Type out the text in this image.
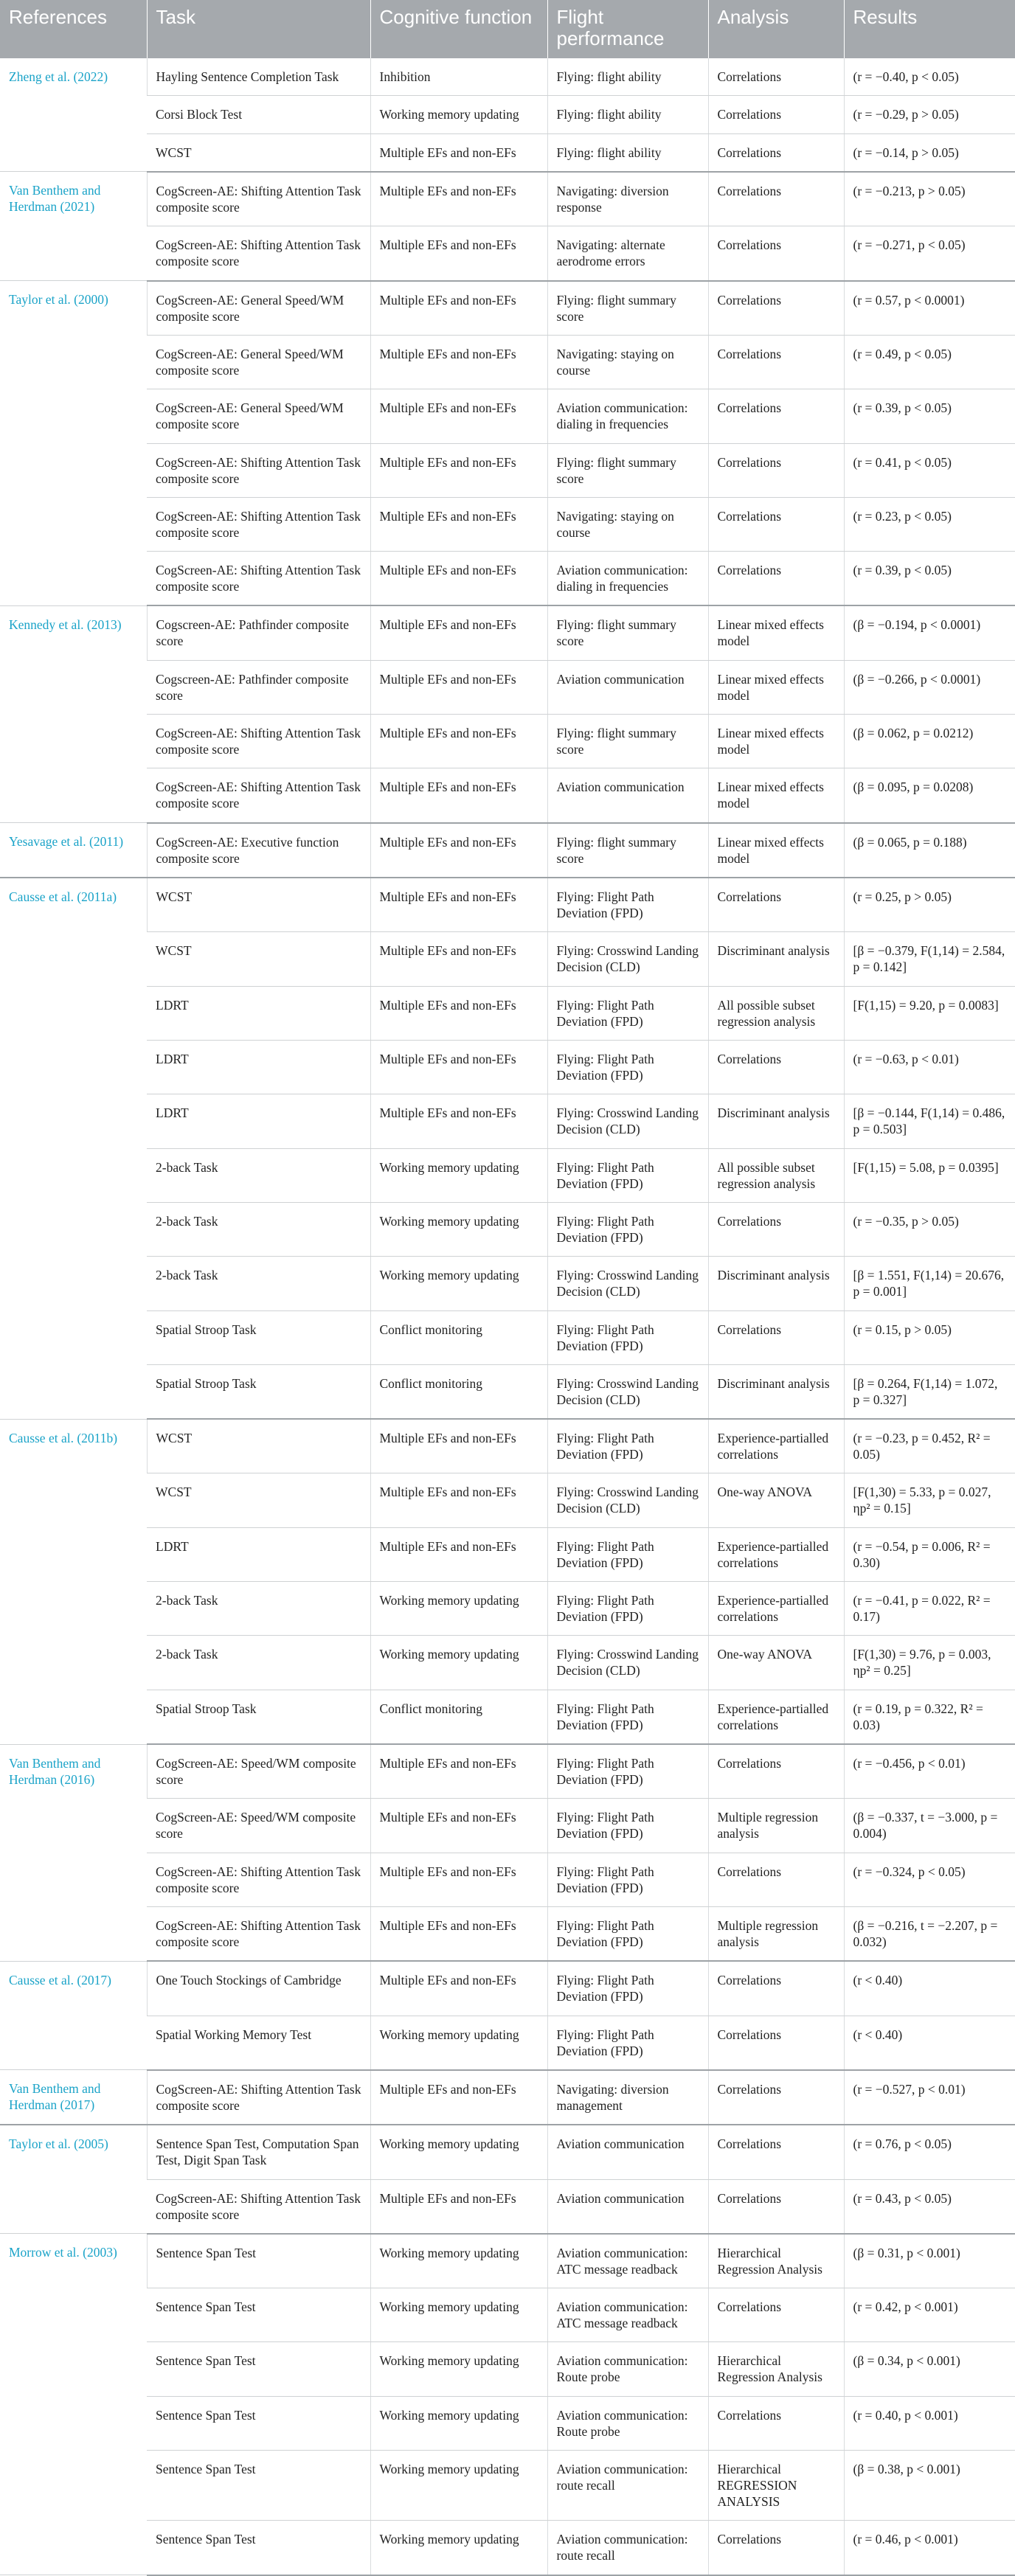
References	Task	Cognitive function	Flight performance	Analysis	Results
Zheng et al. (2022)	Hayling Sentence Completion Task	Inhibition	Flying: flight ability	Correlations	(r = −0.40, p < 0.05)
	Corsi Block Test	Working memory updating	Flying: flight ability	Correlations	(r = −0.29, p > 0.05)
	WCST	Multiple EFs and non-EFs	Flying: flight ability	Correlations	(r = −0.14, p > 0.05)
Van Benthem and Herdman (2021)	CogScreen-AE: Shifting Attention Task composite score	Multiple EFs and non-EFs	Navigating: diversion response	Correlations	(r = −0.213, p > 0.05)
	CogScreen-AE: Shifting Attention Task composite score	Multiple EFs and non-EFs	Navigating: alternate aerodrome errors	Correlations	(r = −0.271, p < 0.05)
Taylor et al. (2000)	CogScreen-AE: General Speed/WM composite score	Multiple EFs and non-EFs	Flying: flight summary score	Correlations	(r = 0.57, p < 0.0001)
	CogScreen-AE: General Speed/WM composite score	Multiple EFs and non-EFs	Navigating: staying on course	Correlations	(r = 0.49, p < 0.05)
	CogScreen-AE: General Speed/WM composite score	Multiple EFs and non-EFs	Aviation communication: dialing in frequencies	Correlations	(r = 0.39, p < 0.05)
	CogScreen-AE: Shifting Attention Task composite score	Multiple EFs and non-EFs	Flying: flight summary score	Correlations	(r = 0.41, p < 0.05)
	CogScreen-AE: Shifting Attention Task composite score	Multiple EFs and non-EFs	Navigating: staying on course	Correlations	(r = 0.23, p < 0.05)
	CogScreen-AE: Shifting Attention Task composite score	Multiple EFs and non-EFs	Aviation communication: dialing in frequencies	Correlations	(r = 0.39, p < 0.05)
Kennedy et al. (2013)	Cogscreen-AE: Pathfinder composite score	Multiple EFs and non-EFs	Flying: flight summary score	Linear mixed effects model	(β = −0.194, p < 0.0001)
	Cogscreen-AE: Pathfinder composite score	Multiple EFs and non-EFs	Aviation communication	Linear mixed effects model	(β = −0.266, p < 0.0001)
	CogScreen-AE: Shifting Attention Task composite score	Multiple EFs and non-EFs	Flying: flight summary score	Linear mixed effects model	(β = 0.062, p = 0.0212)
	CogScreen-AE: Shifting Attention Task composite score	Multiple EFs and non-EFs	Aviation communication	Linear mixed effects model	(β = 0.095, p = 0.0208)
Yesavage et al. (2011)	CogScreen-AE: Executive function composite score	Multiple EFs and non-EFs	Flying: flight summary score	Linear mixed effects model	(β = 0.065, p = 0.188)
Causse et al. (2011a)	WCST	Multiple EFs and non-EFs	Flying: Flight Path Deviation (FPD)	Correlations	(r = 0.25, p > 0.05)
	WCST	Multiple EFs and non-EFs	Flying: Crosswind Landing Decision (CLD)	Discriminant analysis	[β = −0.379, F(1,14) = 2.584, p = 0.142]
	LDRT	Multiple EFs and non-EFs	Flying: Flight Path Deviation (FPD)	All possible subset regression analysis	[F(1,15) = 9.20, p = 0.0083]
	LDRT	Multiple EFs and non-EFs	Flying: Flight Path Deviation (FPD)	Correlations	(r = −0.63, p < 0.01)
	LDRT	Multiple EFs and non-EFs	Flying: Crosswind Landing Decision (CLD)	Discriminant analysis	[β = −0.144, F(1,14) = 0.486, p = 0.503]
	2-back Task	Working memory updating	Flying: Flight Path Deviation (FPD)	All possible subset regression analysis	[F(1,15) = 5.08, p = 0.0395]
	2-back Task	Working memory updating	Flying: Flight Path Deviation (FPD)	Correlations	(r = −0.35, p > 0.05)
	2-back Task	Working memory updating	Flying: Crosswind Landing Decision (CLD)	Discriminant analysis	[β = 1.551, F(1,14) = 20.676, p = 0.001]
	Spatial Stroop Task	Conflict monitoring	Flying: Flight Path Deviation (FPD)	Correlations	(r = 0.15, p > 0.05)
	Spatial Stroop Task	Conflict monitoring	Flying: Crosswind Landing Decision (CLD)	Discriminant analysis	[β = 0.264, F(1,14) = 1.072, p = 0.327]
Causse et al. (2011b)	WCST	Multiple EFs and non-EFs	Flying: Flight Path Deviation (FPD)	Experience-partialled correlations	(r = −0.23, p = 0.452, R² = 0.05)
	WCST	Multiple EFs and non-EFs	Flying: Crosswind Landing Decision (CLD)	One-way ANOVA	[F(1,30) = 5.33, p = 0.027, ηp² = 0.15]
	LDRT	Multiple EFs and non-EFs	Flying: Flight Path Deviation (FPD)	Experience-partialled correlations	(r = −0.54, p = 0.006, R² = 0.30)
	2-back Task	Working memory updating	Flying: Flight Path Deviation (FPD)	Experience-partialled correlations	(r = −0.41, p = 0.022, R² = 0.17)
	2-back Task	Working memory updating	Flying: Crosswind Landing Decision (CLD)	One-way ANOVA	[F(1,30) = 9.76, p = 0.003, ηp² = 0.25]
	Spatial Stroop Task	Conflict monitoring	Flying: Flight Path Deviation (FPD)	Experience-partialled correlations	(r = 0.19, p = 0.322, R² = 0.03)
Van Benthem and Herdman (2016)	CogScreen-AE: Speed/WM composite score	Multiple EFs and non-EFs	Flying: Flight Path Deviation (FPD)	Correlations	(r = −0.456, p < 0.01)
	CogScreen-AE: Speed/WM composite score	Multiple EFs and non-EFs	Flying: Flight Path Deviation (FPD)	Multiple regression analysis	(β = −0.337, t = −3.000, p = 0.004)
	CogScreen-AE: Shifting Attention Task composite score	Multiple EFs and non-EFs	Flying: Flight Path Deviation (FPD)	Correlations	(r = −0.324, p < 0.05)
	CogScreen-AE: Shifting Attention Task composite score	Multiple EFs and non-EFs	Flying: Flight Path Deviation (FPD)	Multiple regression analysis	(β = −0.216, t = −2.207, p = 0.032)
Causse et al. (2017)	One Touch Stockings of Cambridge	Multiple EFs and non-EFs	Flying: Flight Path Deviation (FPD)	Correlations	(r < 0.40)
	Spatial Working Memory Test	Working memory updating	Flying: Flight Path Deviation (FPD)	Correlations	(r < 0.40)
Van Benthem and Herdman (2017)	CogScreen-AE: Shifting Attention Task composite score	Multiple EFs and non-EFs	Navigating: diversion management	Correlations	(r = −0.527, p < 0.01)
Taylor et al. (2005)	Sentence Span Test, Computation Span Test, Digit Span Task	Working memory updating	Aviation communication	Correlations	(r = 0.76, p < 0.05)
	CogScreen-AE: Shifting Attention Task composite score	Multiple EFs and non-EFs	Aviation communication	Correlations	(r = 0.43, p < 0.05)
Morrow et al. (2003)	Sentence Span Test	Working memory updating	Aviation communication: ATC message readback	Hierarchical Regression Analysis	(β = 0.31, p < 0.001)
	Sentence Span Test	Working memory updating	Aviation communication: ATC message readback	Correlations	(r = 0.42, p < 0.001)
	Sentence Span Test	Working memory updating	Aviation communication: Route probe	Hierarchical Regression Analysis	(β = 0.34, p < 0.001)
	Sentence Span Test	Working memory updating	Aviation communication: Route probe	Correlations	(r = 0.40, p < 0.001)
	Sentence Span Test	Working memory updating	Aviation communication: route recall	Hierarchical REGRESSION ANALYSIS	(β = 0.38, p < 0.001)
	Sentence Span Test	Working memory updating	Aviation communication: route recall	Correlations	(r = 0.46, p < 0.001)
